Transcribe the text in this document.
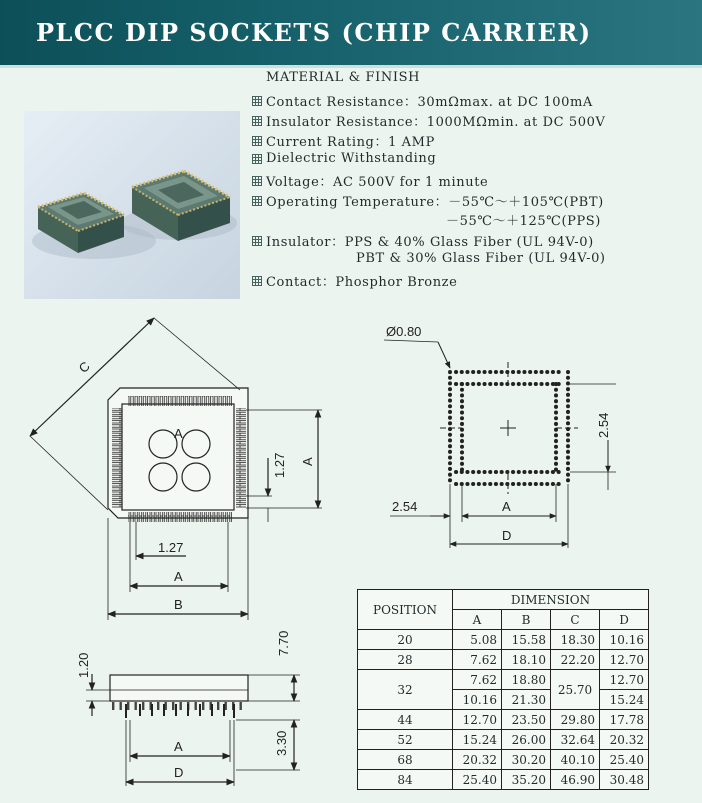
PLCC DIP SOCKETS (CHIP CARRIER)
MATERIAL & FINISH
Contact Resistance：30mΩmax. at DC 100mA
Insulator Resistance：1000MΩmin. at DC 500V
Current Rating：1 AMP
Dielectric Withstanding
Voltage：AC 500V for 1 minute
Operating Temperature：－55℃～＋105℃(PBT)
－55℃～＋125℃(PPS)
Insulator：PPS & 40% Glass Fiber (UL 94V-0)
PBT & 30% Glass Fiber (UL 94V-0)
Contact：Phosphor Bronze
C
A
A
1.27
1.27
A
B
Ø0.80
2.54
2.54	A
D
1.20
7.70
A
D
3.30
POSITION	DIMENSION			
	A	B	C	D
20	5.08	15.58	18.30	10.16
28	7.62	18.10	22.20	12.70
32	7.62	18.80	25.70	12.70
	10.16	21.30		15.24
44	12.70	23.50	29.80	17.78
52	15.24	26.00	32.64	20.32
68	20.32	30.20	40.10	25.40
84	25.40	35.20	46.90	30.48
